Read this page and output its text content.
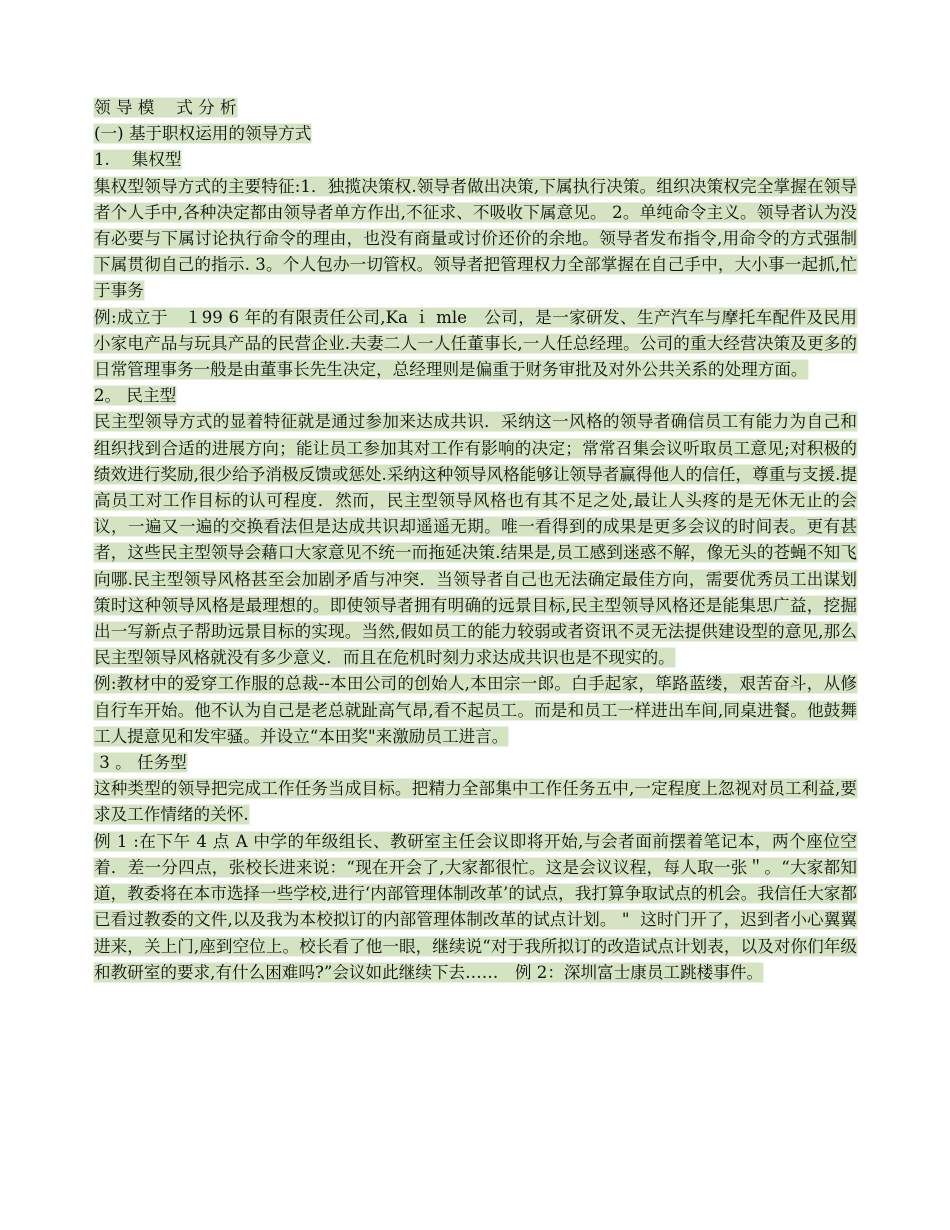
领 导 模　 式 分 析
(一) 基于职权运用的领导方式
1.　 集权型
集权型领导方式的主要特征:1．独揽决策权.领导者做出决策,下属执行决策。组织决策权完全掌握在领导者个人手中,各种决定都由领导者单方作出,不征求、不吸收下属意见。 2。单纯命令主义。领导者认为没有必要与下属讨论执行命令的理由，也没有商量或讨价还价的余地。领导者发布指令,用命令的方式强制下属贯彻自己的指示. 3。个人包办一切管权。领导者把管理权力全部掌握在自己手中，大小事一起抓,忙于事务
例:成立于　１99 6 年的有限责任公司,Ka ｉ mle　公司，是一家研发、生产汽车与摩托车配件及民用小家电产品与玩具产品的民营企业.夫妻二人一人任董事长,一人任总经理。公司的重大经营决策及更多的日常管理事务一般是由董事长先生决定，总经理则是偏重于财务审批及对外公共关系的处理方面。
2。 民主型
民主型领导方式的显着特征就是通过参加来达成共识．采纳这一风格的领导者确信员工有能力为自己和组织找到合适的进展方向；能让员工参加其对工作有影响的决定；常常召集会议听取员工意见;对积极的绩效进行奖励,很少给予消极反馈或惩处.采纳这种领导风格能够让领导者赢得他人的信任，尊重与支援.提高员工对工作目标的认可程度．然而，民主型领导风格也有其不足之处,最让人头疼的是无休无止的会议，一遍又一遍的交换看法但是达成共识却遥遥无期。唯一看得到的成果是更多会议的时间表。更有甚者，这些民主型领导会藉口大家意见不统一而拖延决策.结果是,员工感到迷惑不解，像无头的苍蝇不知飞向哪.民主型领导风格甚至会加剧矛盾与冲突．当领导者自己也无法确定最佳方向，需要优秀员工出谋划策时这种领导风格是最理想的。即使领导者拥有明确的远景目标,民主型领导风格还是能集思广益，挖掘出一写新点子帮助远景目标的实现。当然,假如员工的能力较弱或者资讯不灵无法提供建设型的意见,那么民主型领导风格就没有多少意义．而且在危机时刻力求达成共识也是不现实的。
例:教材中的爱穿工作服的总裁--本田公司的创始人,本田宗一郎。白手起家，筚路蓝缕，艰苦奋斗，从修自行车开始。他不认为自己是老总就趾高气昂,看不起员工。而是和员工一样进出车间,同桌进餐。他鼓舞工人提意见和发牢骚。并设立“本田奖"来激励员工进言。
3 。 任务型
这种类型的领导把完成工作任务当成目标。把精力全部集中工作任务五中,一定程度上忽视对员工利益,要求及工作情绪的关怀.
例 1 :在下午 4 点 A 中学的年级组长、教研室主任会议即将开始,与会者面前摆着笔记本，两个座位空着．差一分四点，张校长进来说：“现在开会了,大家都很忙。这是会议议程，每人取一张＂。“大家都知道，教委将在本市选择一些学校,进行‘内部管理体制改革’的试点，我打算争取试点的机会。我信任大家都已看过教委的文件,以及我为本校拟订的内部管理体制改革的试点计划。 "  这时门开了，迟到者小心翼翼进来，关上门,座到空位上。校长看了他一眼，继续说“对于我所拟订的改造试点计划表，以及对你们年级和教研室的要求,有什么困难吗?”会议如此继续下去……　例 2：深圳富士康员工跳楼事件。
